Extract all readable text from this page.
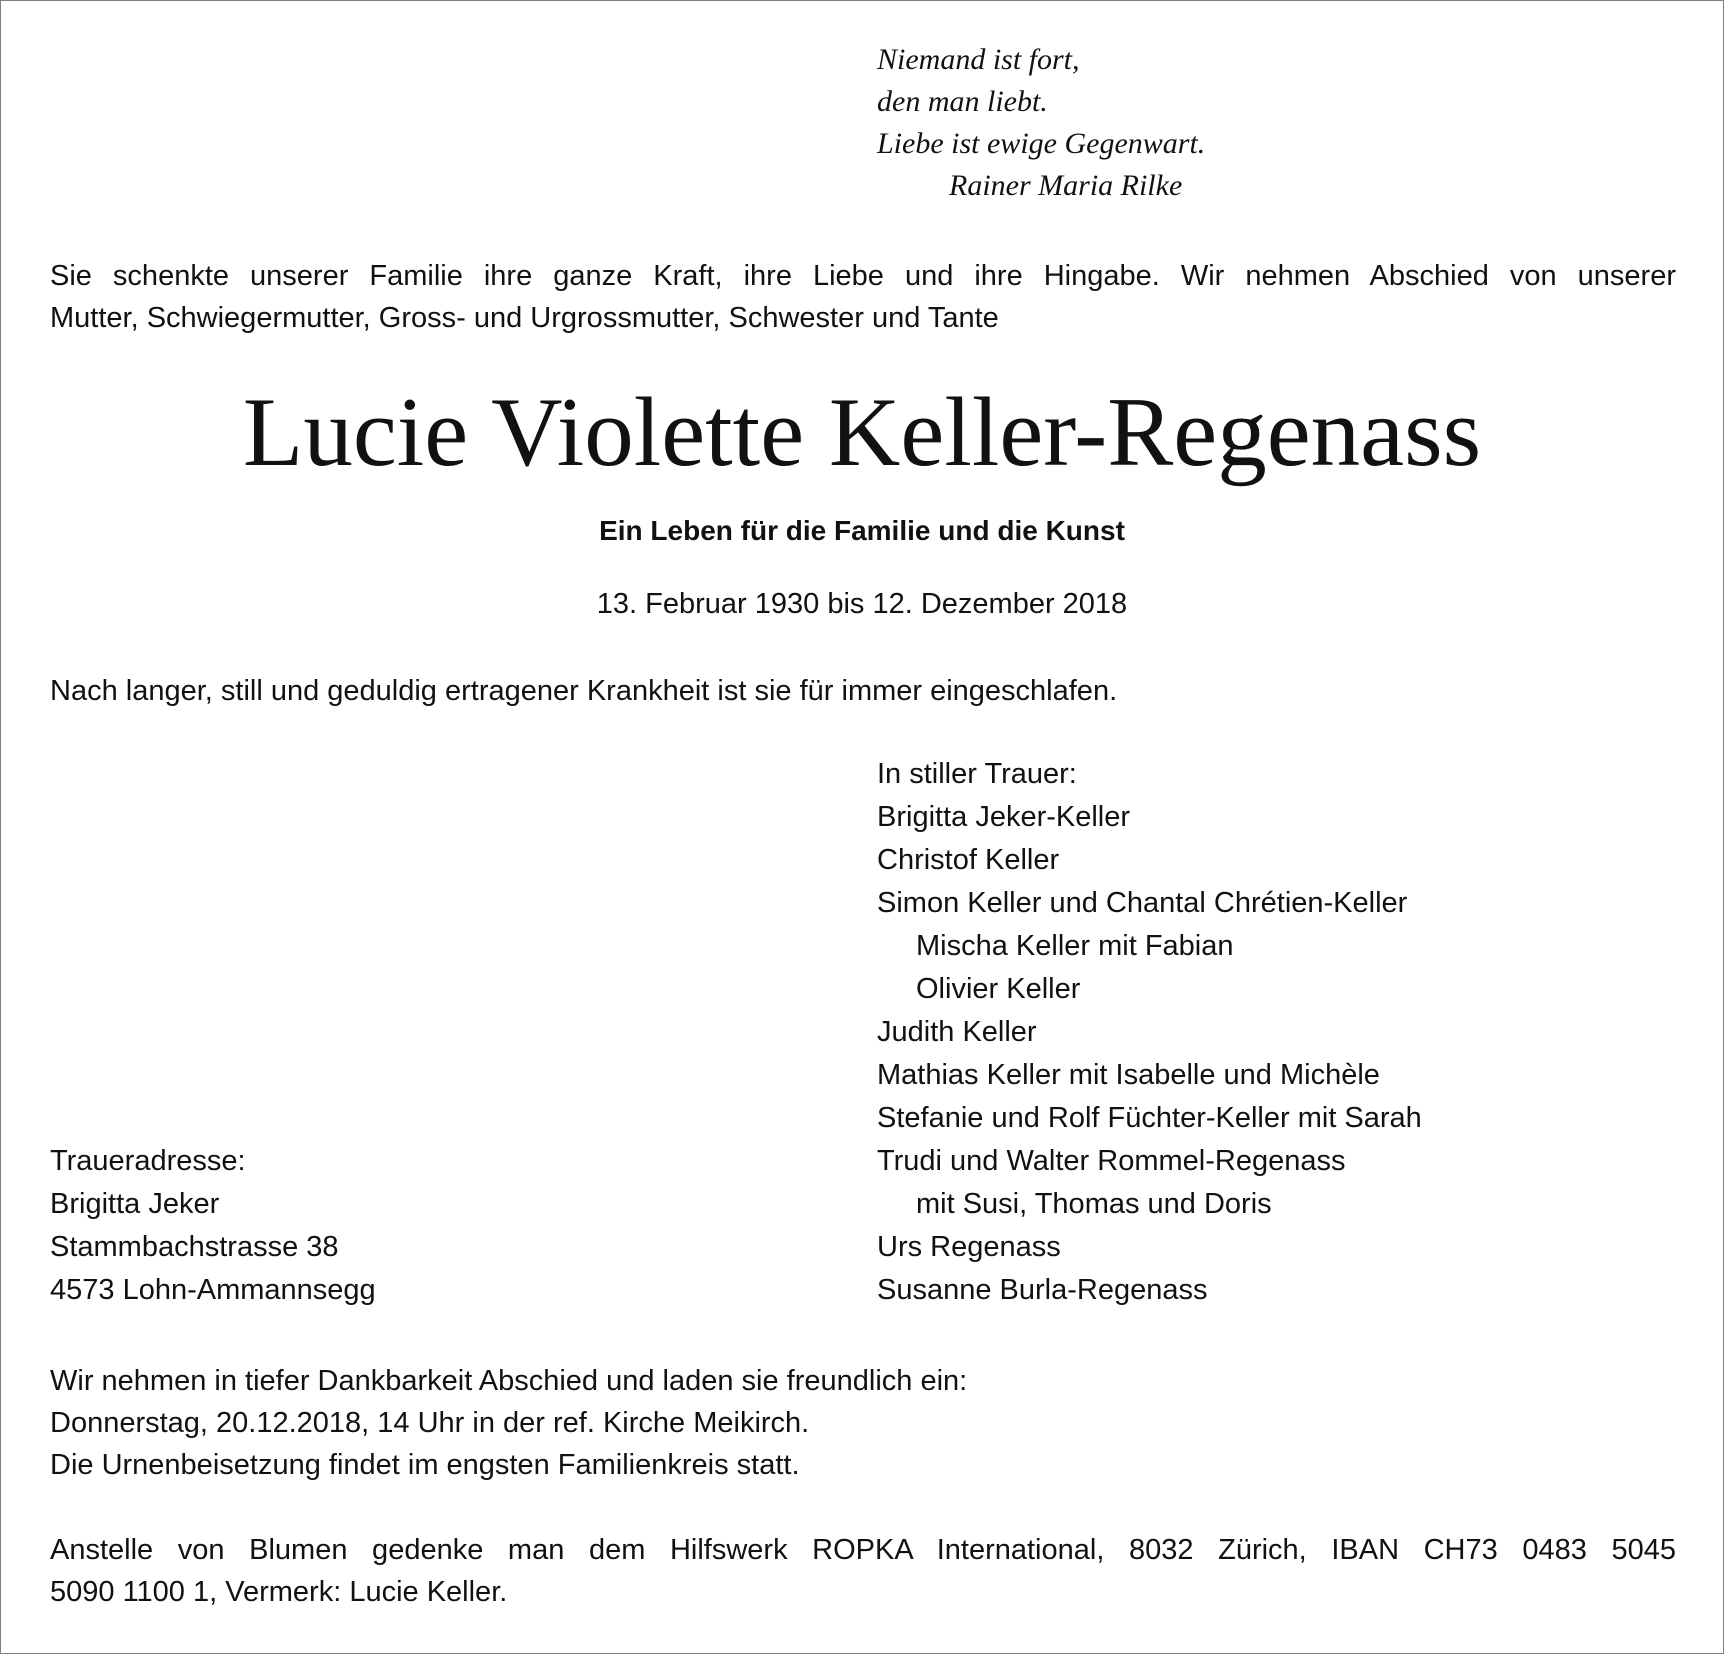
Niemand ist fort,
den man liebt.
Liebe ist ewige Gegenwart.
Rainer Maria Rilke
Sie schenkte unserer Familie ihre ganze Kraft, ihre Liebe und ihre Hingabe. Wir nehmen Abschied von unserer
Mutter, Schwiegermutter, Gross- und Urgrossmutter, Schwester und Tante
Lucie Violette Keller-Regenass
Ein Leben für die Familie und die Kunst
13. Februar 1930 bis 12. Dezember 2018
Nach langer, still und geduldig ertragener Krankheit ist sie für immer eingeschlafen.
In stiller Trauer:
Brigitta Jeker-Keller
Christof Keller
Simon Keller und Chantal Chrétien-Keller
Mischa Keller mit Fabian
Olivier Keller
Judith Keller
Mathias Keller mit Isabelle und Michèle
Stefanie und Rolf Füchter-Keller mit Sarah
Trudi und Walter Rommel-Regenass
mit Susi, Thomas und Doris
Urs Regenass
Susanne Burla-Regenass
Traueradresse:
Brigitta Jeker
Stammbachstrasse 38
4573 Lohn-Ammannsegg
Wir nehmen in tiefer Dankbarkeit Abschied und laden sie freundlich ein:
Donnerstag, 20.12.2018, 14 Uhr in der ref. Kirche Meikirch.
Die Urnenbeisetzung findet im engsten Familienkreis statt.
Anstelle von Blumen gedenke man dem Hilfswerk ROPKA International, 8032 Zürich, IBAN CH73 0483 5045
5090 1100 1, Vermerk: Lucie Keller.
